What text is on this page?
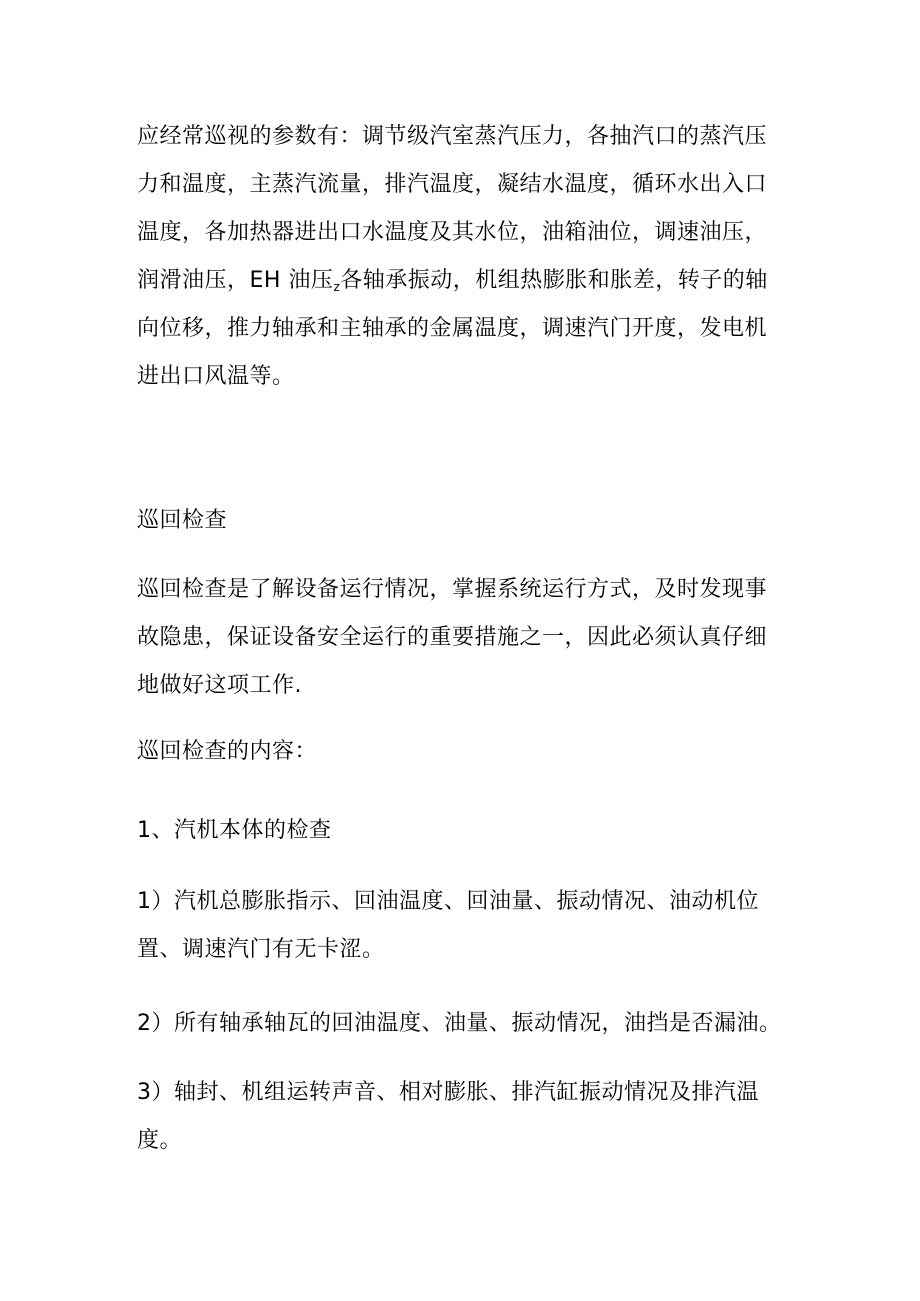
应经常巡视的参数有：调节级汽室蒸汽压力，各抽汽口的蒸汽压
力和温度，主蒸汽流量，排汽温度，凝结水温度，循环水出入口
温度，各加热器进出口水温度及其水位，油箱油位，调速油压，
润滑油压，EH 油压z各轴承振动，机组热膨胀和胀差，转子的轴
向位移，推力轴承和主轴承的金属温度，调速汽门开度，发电机
进出口风温等。
巡回检查
巡回检查是了解设备运行情况，掌握系统运行方式，及时发现事
故隐患，保证设备安全运行的重要措施之一，因此必须认真仔细
地做好这项工作.
巡回检查的内容：
1、汽机本体的检查
1）汽机总膨胀指示、回油温度、回油量、振动情况、油动机位
置、调速汽门有无卡涩。
2）所有轴承轴瓦的回油温度、油量、振动情况，油挡是否漏油。
3）轴封、机组运转声音、相对膨胀、排汽缸振动情况及排汽温
度。
